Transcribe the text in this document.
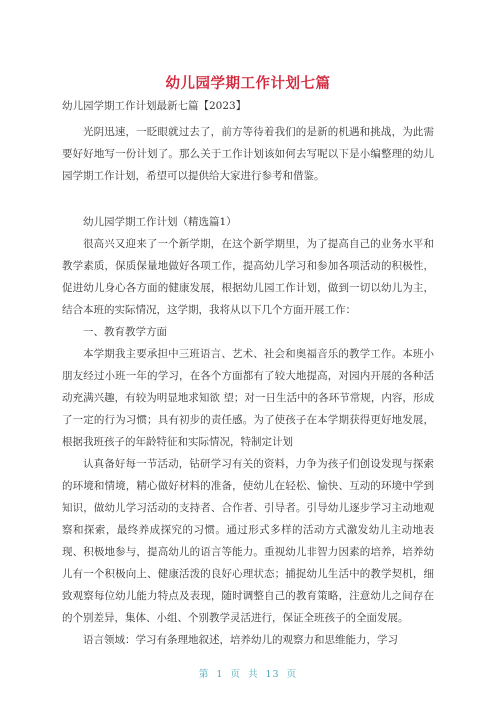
幼儿园学期工作计划七篇
幼儿园学期工作计划最新七篇【2023】
光阴迅速，一眨眼就过去了，前方等待着我们的是新的机遇和挑战，为此需要好好地写一份计划了。那么关于工作计划该如何去写呢以下是小编整理的幼儿园学期工作计划，希望可以提供给大家进行参考和借鉴。
幼儿园学期工作计划（精选篇1）
很高兴又迎来了一个新学期，在这个新学期里，为了提高自己的业务水平和教学素质，保质保量地做好各项工作，提高幼儿学习和参加各项活动的积极性，促进幼儿身心各方面的健康发展，根据幼儿园工作计划，做到一切以幼儿为主，结合本班的实际情况，这学期，我将从以下几个方面开展工作：
一、教育教学方面
本学期我主要承担中三班语言、艺术、社会和奥福音乐的教学工作。本班小朋友经过小班一年的学习，在各个方面都有了较大地提高，对园内开展的各种活动充满兴趣，有较为明显地求知欲 望；对一日生活中的各环节常规，内容，形成了一定的行为习惯；具有初步的责任感。为了使孩子在本学期获得更好地发展，根据我班孩子的年龄特征和实际情况，特制定计划
认真备好每一节活动，钻研学习有关的资料，力争为孩子们创设发现与探索的环境和情境，精心做好材料的准备，使幼儿在轻松、愉快、互动的环境中学到知识，做幼儿学习活动的支持者、合作者、引导者。引导幼儿逐步学习主动地观察和探索，最终养成探究的习惯。通过形式多样的活动方式激发幼儿主动地表现、积极地参与，提高幼儿的语言等能力。重视幼儿非智力因素的培养，培养幼儿有一个积极向上、健康活泼的良好心理状态；捕捉幼儿生活中的教学契机，细致观察每位幼儿能力特点及表现，随时调整自己的教育策略，注意幼儿之间存在的个别差异，集体、小组、个别教学灵活进行，保证全班孩子的全面发展。
语言领域：学习有条理地叙述，培养幼儿的观察力和思维能力，学习
第 1 页 共 13 页
